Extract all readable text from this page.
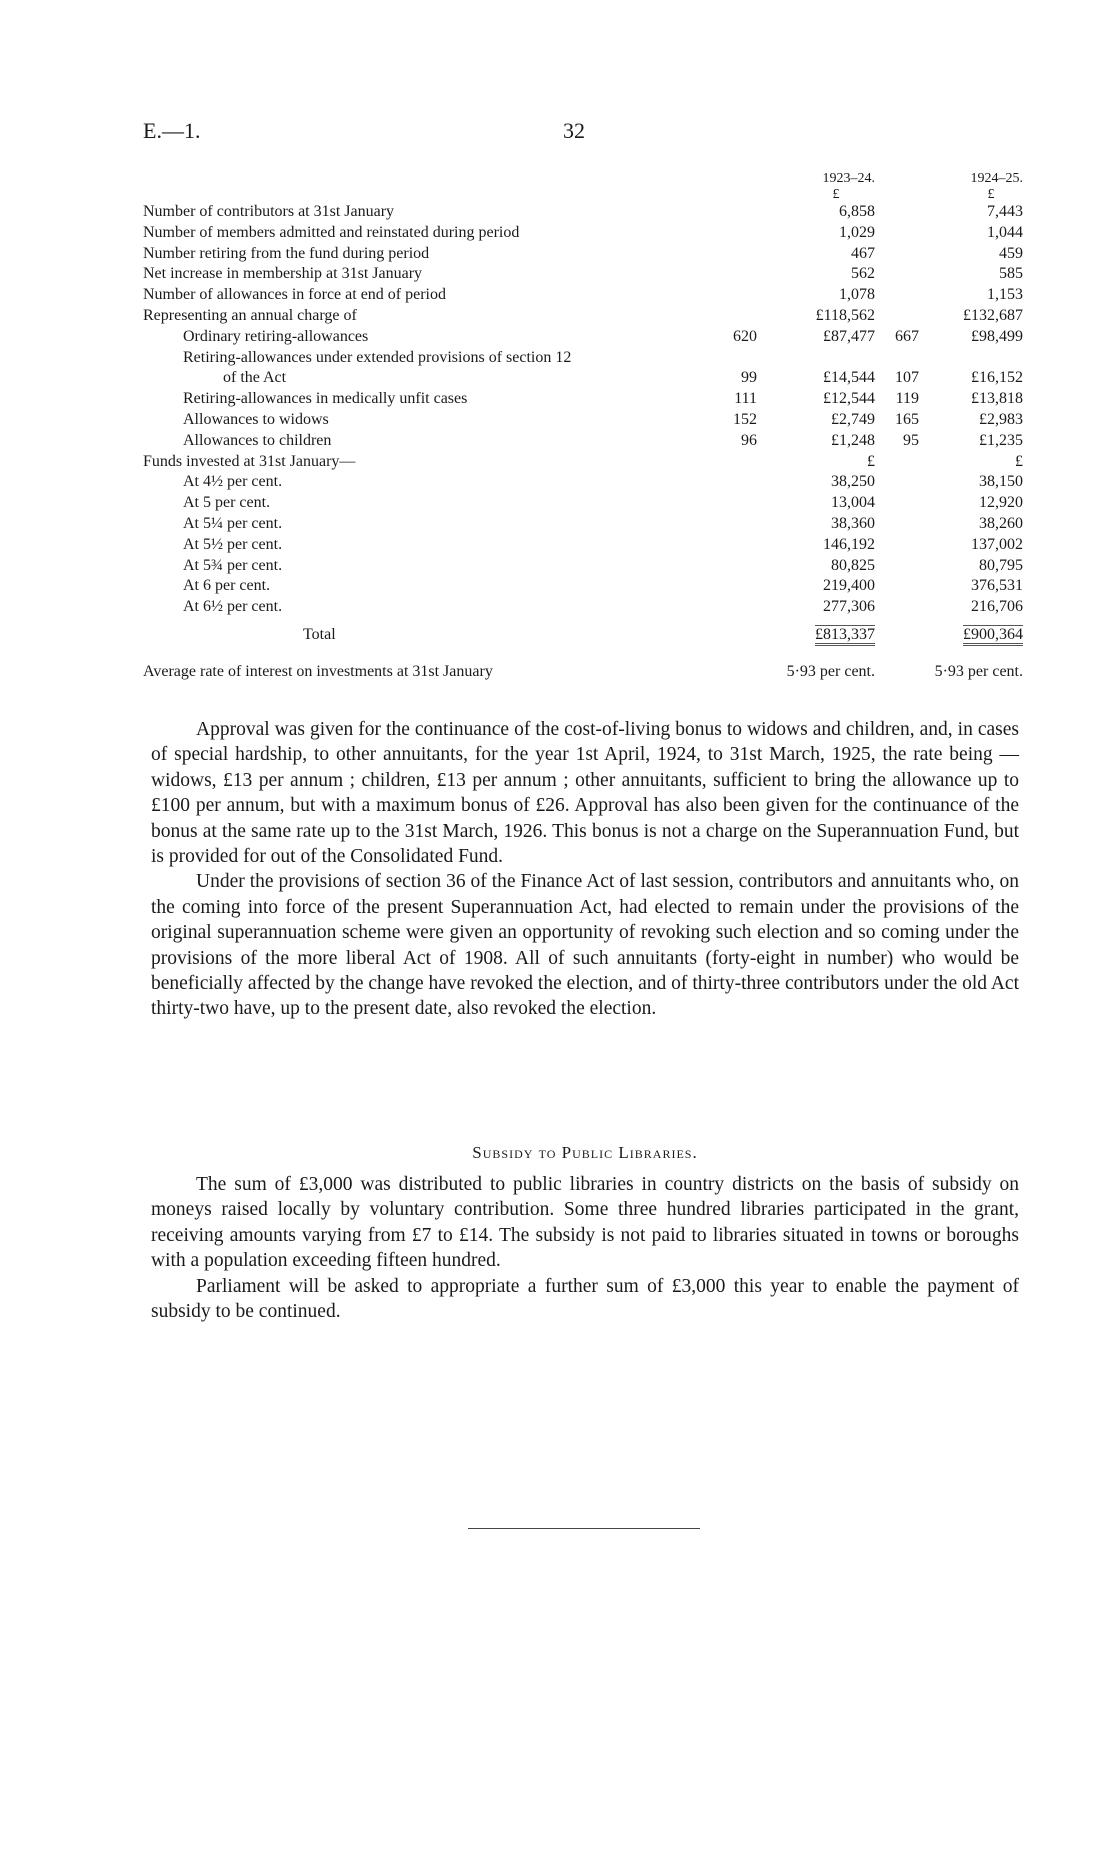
E.—1.	32
		1923–24.		1924–25.
		£		£
Number of contributors at 31st January		6,858		7,443
Number of members admitted and reinstated during period		1,029		1,044
Number retiring from the fund during period		467		459
Net increase in membership at 31st January		562		585
Number of allowances in force at end of period		1,078		1,153
Representing an annual charge of		£118,562		£132,687
Ordinary retiring-allowances	620	£87,477	667	£98,499
Retiring-allowances under extended provisions of section 12				
of the Act	99	£14,544	107	£16,152
Retiring-allowances in medically unfit cases	111	£12,544	119	£13,818
Allowances to widows	152	£2,749	165	£2,983
Allowances to children	96	£1,248	95	£1,235
Funds invested at 31st January—		£		£
At 4½ per cent.		38,250		38,150
At 5 per cent.		13,004		12,920
At 5¼ per cent.		38,360		38,260
At 5½ per cent.		146,192		137,002
At 5¾ per cent.		80,825		80,795
At 6 per cent.		219,400		376,531
At 6½ per cent.		277,306		216,706
Total		£813,337		£900,364
Average rate of interest on investments at 31st January	5·93 per cent.		5·93 per cent.	

Approval was given for the continuance of the cost-of-living bonus to widows and children, and, in cases of special hardship, to other annuitants, for the year 1st April, 1924, to 31st March, 1925, the rate being — widows, £13 per annum ; children, £13 per annum ; other annuitants, sufficient to bring the allowance up to £100 per annum, but with a maximum bonus of £26. Approval has also been given for the continuance of the bonus at the same rate up to the 31st March, 1926. This bonus is not a charge on the Superannuation Fund, but is provided for out of the Consolidated Fund.

Under the provisions of section 36 of the Finance Act of last session, contributors and annuitants who, on the coming into force of the present Superannuation Act, had elected to remain under the provisions of the original superannuation scheme were given an opportunity of revoking such election and so coming under the provisions of the more liberal Act of 1908. All of such annuitants (forty-eight in number) who would be beneficially affected by the change have revoked the election, and of thirty-three contributors under the old Act thirty-two have, up to the present date, also revoked the election.

Subsidy to Public Libraries.

The sum of £3,000 was distributed to public libraries in country districts on the basis of subsidy on moneys raised locally by voluntary contribution. Some three hundred libraries participated in the grant, receiving amounts varying from £7 to £14. The subsidy is not paid to libraries situated in towns or boroughs with a population exceeding fifteen hundred.

Parliament will be asked to appropriate a further sum of £3,000 this year to enable the payment of subsidy to be continued.
